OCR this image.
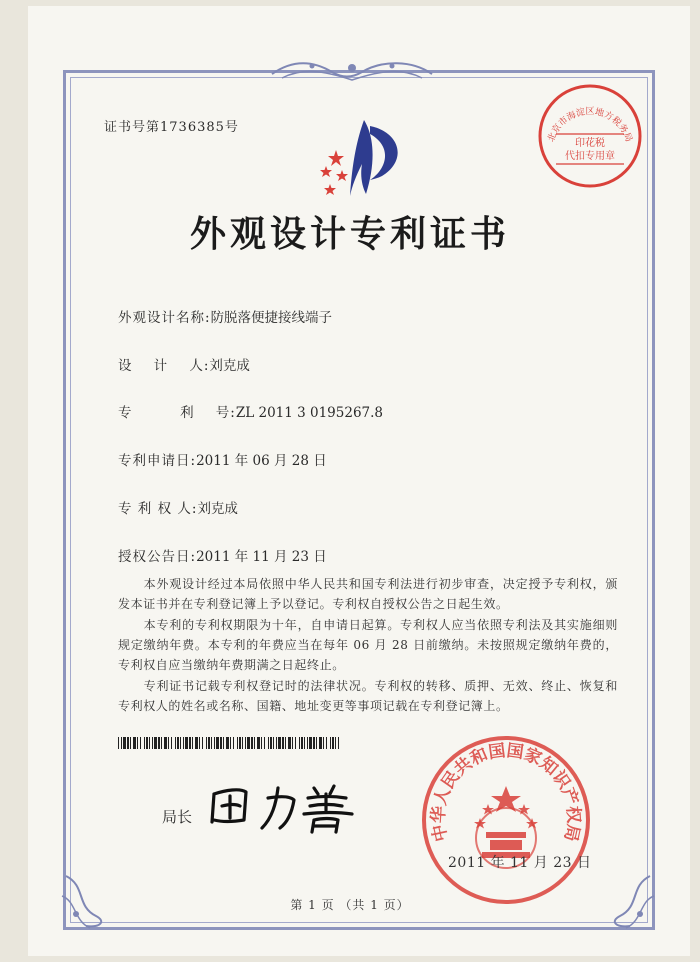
证书号第1736385号
北京市海淀区地方税务局
印花税
代扣专用章
外观设计专利证书
外观设计名称:防脱落便捷接线端子
设    计    人:刘克成
专         利    号:ZL 2011 3 0195267.8
专利申请日:2011 年 06 月 28 日
专 利 权 人:刘克成
授权公告日:2011 年 11 月 23 日
　　本外观设计经过本局依照中华人民共和国专利法进行初步审查，决定授予专利权，颁发本证书并在专利登记簿上予以登记。专利权自授权公告之日起生效。
　　本专利的专利权期限为十年，自申请日起算。专利权人应当依照专利法及其实施细则规定缴纳年费。本专利的年费应当在每年 06 月 28 日前缴纳。未按照规定缴纳年费的，专利权自应当缴纳年费期满之日起终止。
　　专利证书记载专利权登记时的法律状况。专利权的转移、质押、无效、终止、恢复和专利权人的姓名或名称、国籍、地址变更等事项记载在专利登记簿上。
局长
中华人民共和国国家知识产权局
2011 年 11 月 23 日
第 1 页 （共 1 页）
